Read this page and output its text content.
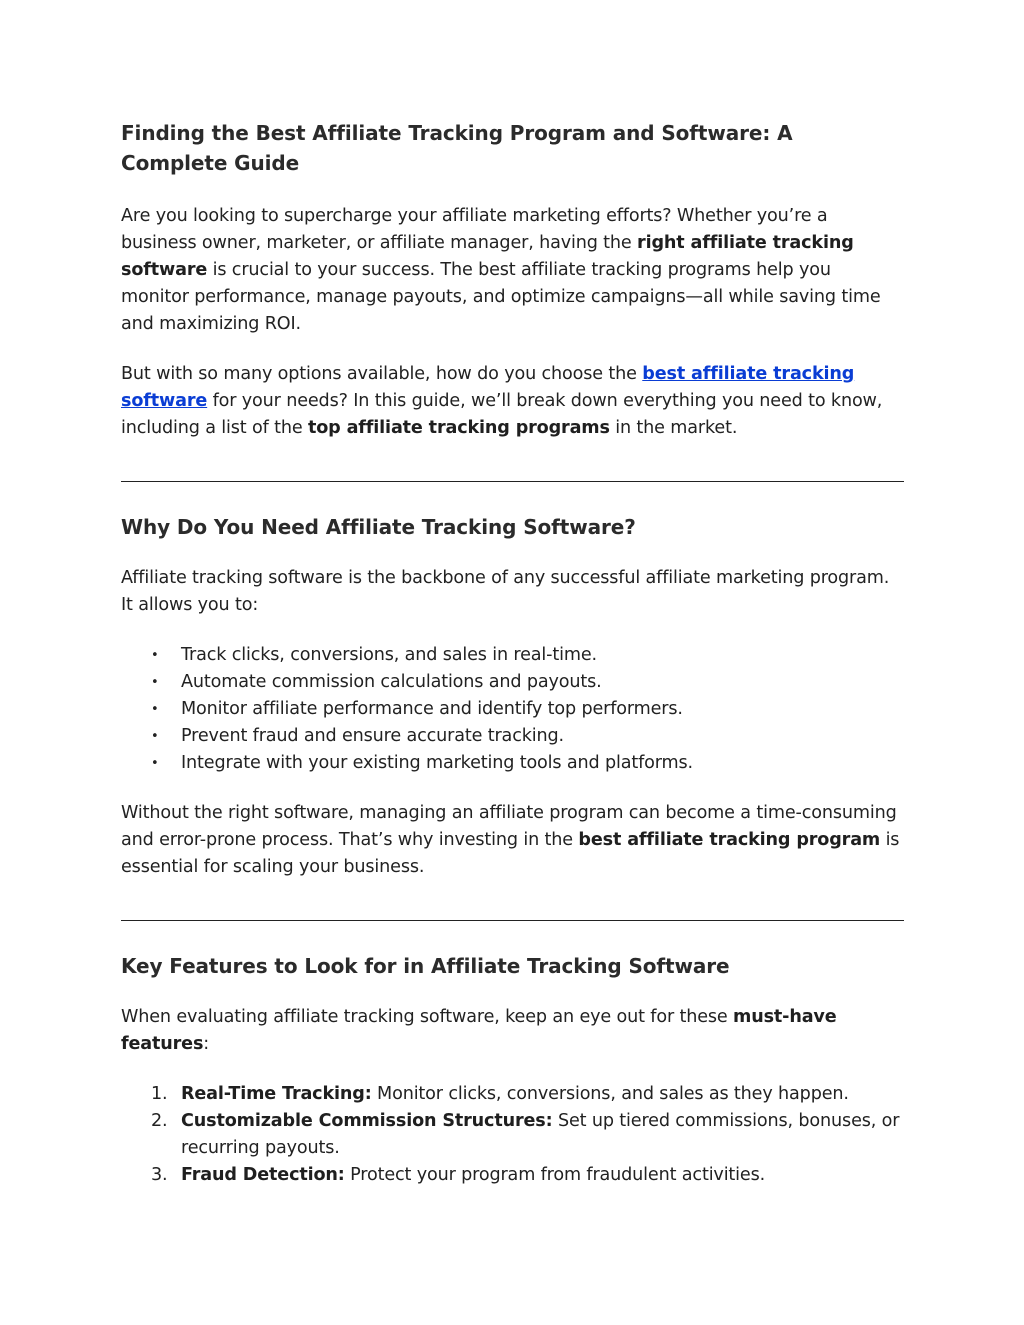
Finding the Best Affiliate Tracking Program and Software: A Complete Guide

Are you looking to supercharge your affiliate marketing efforts? Whether you’re a business owner, marketer, or affiliate manager, having the right affiliate tracking software is crucial to your success. The best affiliate tracking programs help you monitor performance, manage payouts, and optimize campaigns—all while saving time and maximizing ROI.

But with so many options available, how do you choose the best affiliate tracking software for your needs? In this guide, we’ll break down everything you need to know, including a list of the top affiliate tracking programs in the market.

Why Do You Need Affiliate Tracking Software?

Affiliate tracking software is the backbone of any successful affiliate marketing program. It allows you to:

• Track clicks, conversions, and sales in real-time.
• Automate commission calculations and payouts.
• Monitor affiliate performance and identify top performers.
• Prevent fraud and ensure accurate tracking.
• Integrate with your existing marketing tools and platforms.

Without the right software, managing an affiliate program can become a time-consuming and error-prone process. That’s why investing in the best affiliate tracking program is essential for scaling your business.

Key Features to Look for in Affiliate Tracking Software

When evaluating affiliate tracking software, keep an eye out for these must-have features:

1. Real-Time Tracking: Monitor clicks, conversions, and sales as they happen.
2. Customizable Commission Structures: Set up tiered commissions, bonuses, or recurring payouts.
3. Fraud Detection: Protect your program from fraudulent activities.
